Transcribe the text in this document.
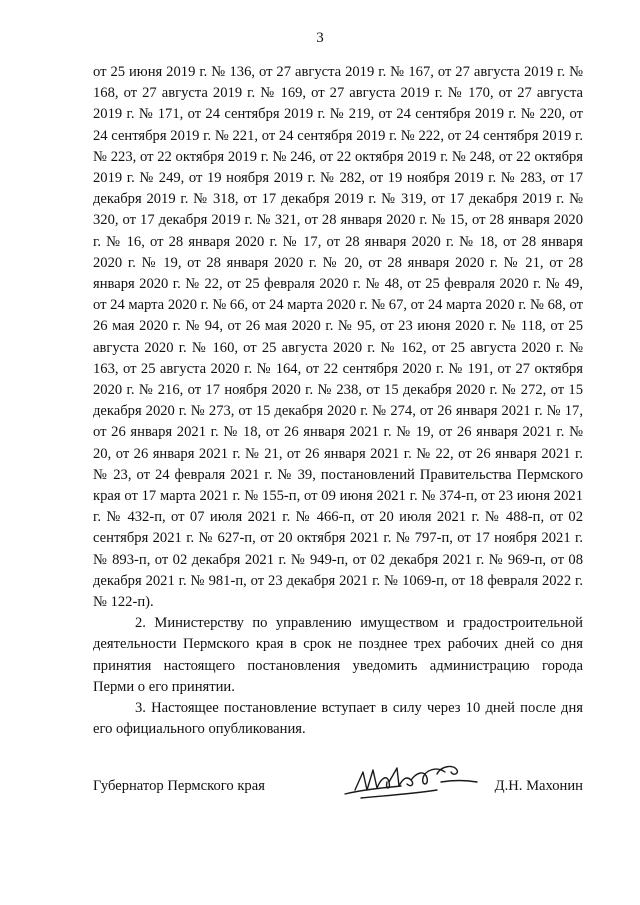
3

от 25 июня 2019 г. № 136, от 27 августа 2019 г. № 167, от 27 августа 2019 г. № 168, от 27 августа 2019 г. № 169, от 27 августа 2019 г. № 170, от 27 августа 2019 г. № 171, от 24 сентября 2019 г. № 219, от 24 сентября 2019 г. № 220, от 24 сентября 2019 г. № 221, от 24 сентября 2019 г. № 222, от 24 сентября 2019 г. № 223, от 22 октября 2019 г. № 246, от 22 октября 2019 г. № 248, от 22 октября 2019 г. № 249, от 19 ноября 2019 г. № 282, от 19 ноября 2019 г. № 283, от 17 декабря 2019 г. № 318, от 17 декабря 2019 г. № 319, от 17 декабря 2019 г. № 320, от 17 декабря 2019 г. № 321, от 28 января 2020 г. № 15, от 28 января 2020 г. № 16, от 28 января 2020 г. № 17, от 28 января 2020 г. № 18, от 28 января 2020 г. № 19, от 28 января 2020 г. № 20, от 28 января 2020 г. № 21, от 28 января 2020 г. № 22, от 25 февраля 2020 г. № 48, от 25 февраля 2020 г. № 49, от 24 марта 2020 г. № 66, от 24 марта 2020 г. № 67, от 24 марта 2020 г. № 68, от 26 мая 2020 г. № 94, от 26 мая 2020 г. № 95, от 23 июня 2020 г. № 118, от 25 августа 2020 г. № 160, от 25 августа 2020 г. № 162, от 25 августа 2020 г. № 163, от 25 августа 2020 г. № 164, от 22 сентября 2020 г. № 191, от 27 октября 2020 г. № 216, от 17 ноября 2020 г. № 238, от 15 декабря 2020 г. № 272, от 15 декабря 2020 г. № 273, от 15 декабря 2020 г. № 274, от 26 января 2021 г. № 17, от 26 января 2021 г. № 18, от 26 января 2021 г. № 19, от 26 января 2021 г. № 20, от 26 января 2021 г. № 21, от 26 января 2021 г. № 22, от 26 января 2021 г. № 23, от 24 февраля 2021 г. № 39, постановлений Правительства Пермского края от 17 марта 2021 г. № 155-п, от 09 июня 2021 г. № 374-п, от 23 июня 2021 г. № 432-п, от 07 июля 2021 г. № 466-п, от 20 июля 2021 г. № 488-п, от 02 сентября 2021 г. № 627-п, от 20 октября 2021 г. № 797-п, от 17 ноября 2021 г. № 893-п, от 02 декабря 2021 г. № 949-п, от 02 декабря 2021 г. № 969-п, от 08 декабря 2021 г. № 981-п, от 23 декабря 2021 г. № 1069-п, от 18 февраля 2022 г. № 122-п).

2. Министерству по управлению имуществом и градостроительной деятельности Пермского края в срок не позднее трех рабочих дней со дня принятия настоящего постановления уведомить администрацию города Перми о его принятии.

3. Настоящее постановление вступает в силу через 10 дней после дня его официального опубликования.

Губернатор Пермского края	Д.Н. Махонин
